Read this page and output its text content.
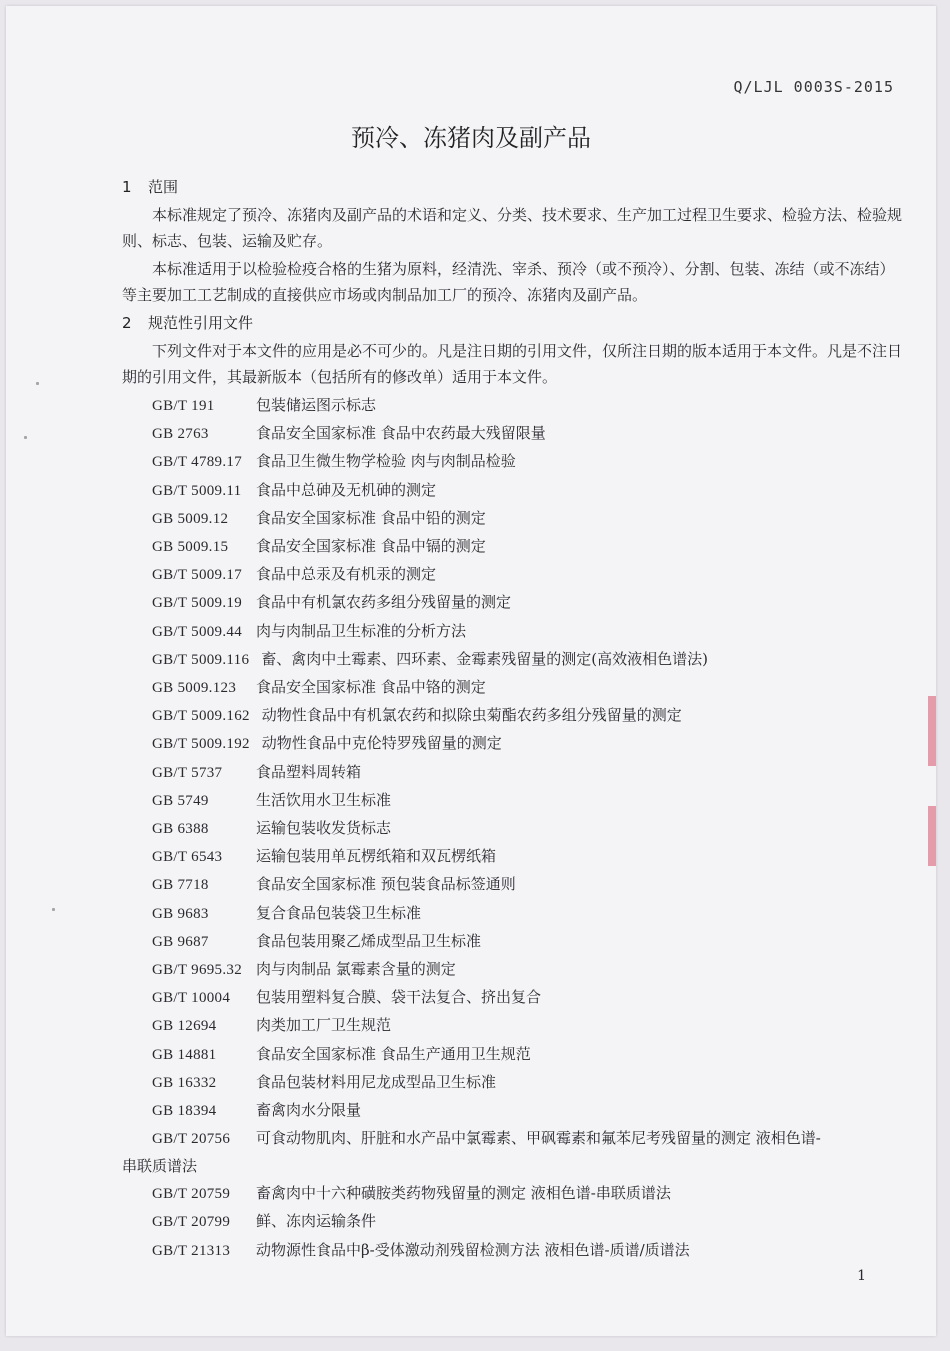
Q/LJL 0003S-2015
预冷、冻猪肉及副产品
1 范围

本标准规定了预冷、冻猪肉及副产品的术语和定义、分类、技术要求、生产加工过程卫生要求、检验方法、检验规则、标志、包装、运输及贮存。

本标准适用于以检验检疫合格的生猪为原料，经清洗、宰杀、预冷（或不预冷）、分割、包装、冻结（或不冻结）等主要加工工艺制成的直接供应市场或肉制品加工厂的预冷、冻猪肉及副产品。

2 规范性引用文件

下列文件对于本文件的应用是必不可少的。凡是注日期的引用文件，仅所注日期的版本适用于本文件。凡是不注日期的引用文件，其最新版本（包括所有的修改单）适用于本文件。

GB/T 191	包装储运图示标志
GB 2763	食品安全国家标准 食品中农药最大残留限量
GB/T 4789.17 食品卫生微生物学检验 肉与肉制品检验
GB/T 5009.11 食品中总砷及无机砷的测定
GB 5009.12 食品安全国家标准 食品中铅的测定
GB 5009.15 食品安全国家标准 食品中镉的测定
GB/T 5009.17 食品中总汞及有机汞的测定
GB/T 5009.19 食品中有机氯农药多组分残留量的测定
GB/T 5009.44 肉与肉制品卫生标准的分析方法
GB/T 5009.116 畜、禽肉中土霉素、四环素、金霉素残留量的测定(高效液相色谱法)
GB 5009.123 食品安全国家标准 食品中铬的测定
GB/T 5009.162 动物性食品中有机氯农药和拟除虫菊酯农药多组分残留量的测定
GB/T 5009.192 动物性食品中克伦特罗残留量的测定
GB/T 5737 食品塑料周转箱
GB 5749	生活饮用水卫生标准
GB 6388	运输包装收发货标志
GB/T 6543 运输包装用单瓦楞纸箱和双瓦楞纸箱
GB 7718	食品安全国家标准 预包装食品标签通则
GB 9683	复合食品包装袋卫生标准
GB 9687	食品包装用聚乙烯成型品卫生标准
GB/T 9695.32 肉与肉制品 氯霉素含量的测定
GB/T 10004 包装用塑料复合膜、袋干法复合、挤出复合
GB 12694	肉类加工厂卫生规范
GB 14881	食品安全国家标准 食品生产通用卫生规范
GB 16332	食品包装材料用尼龙成型品卫生标准
GB 18394	畜禽肉水分限量
GB/T 20756 可食动物肌肉、肝脏和水产品中氯霉素、甲砜霉素和氟苯尼考残留量的测定 液相色谱-
串联质谱法
GB/T 20759 畜禽肉中十六种磺胺类药物残留量的测定 液相色谱-串联质谱法
GB/T 20799 鲜、冻肉运输条件
GB/T 21313 动物源性食品中β-受体激动剂残留检测方法 液相色谱-质谱/质谱法
1
